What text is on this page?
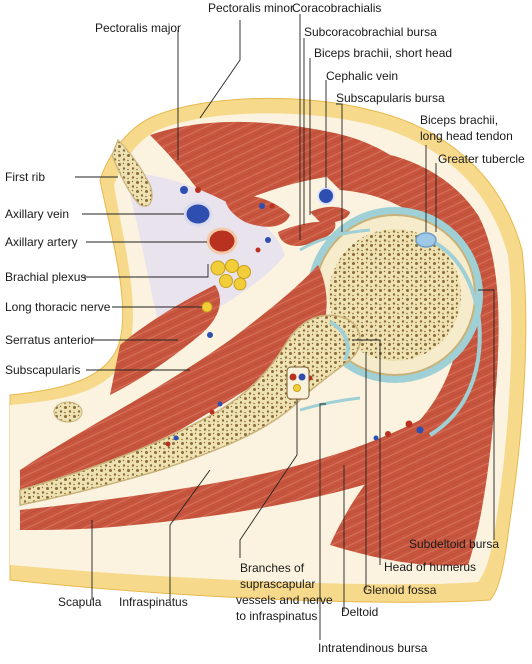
Pectoralis minor
Coracobrachialis
Pectoralis major	Subcoracobrachial bursa
Biceps brachii, short head
Cephalic vein
Subscapularis bursa
Biceps brachii,
long head tendon
Greater tubercle
First rib
Axillary vein
Axillary artery
Brachial plexus
Long thoracic nerve
Serratus anterior
Subscapularis
Subdeltoid bursa
Head of humerus
Glenoid fossa
Deltoid
Intratendinous bursa
Scapula Infraspinatus
Branches of
suprascapular
vessels and nerve
to infraspinatus
